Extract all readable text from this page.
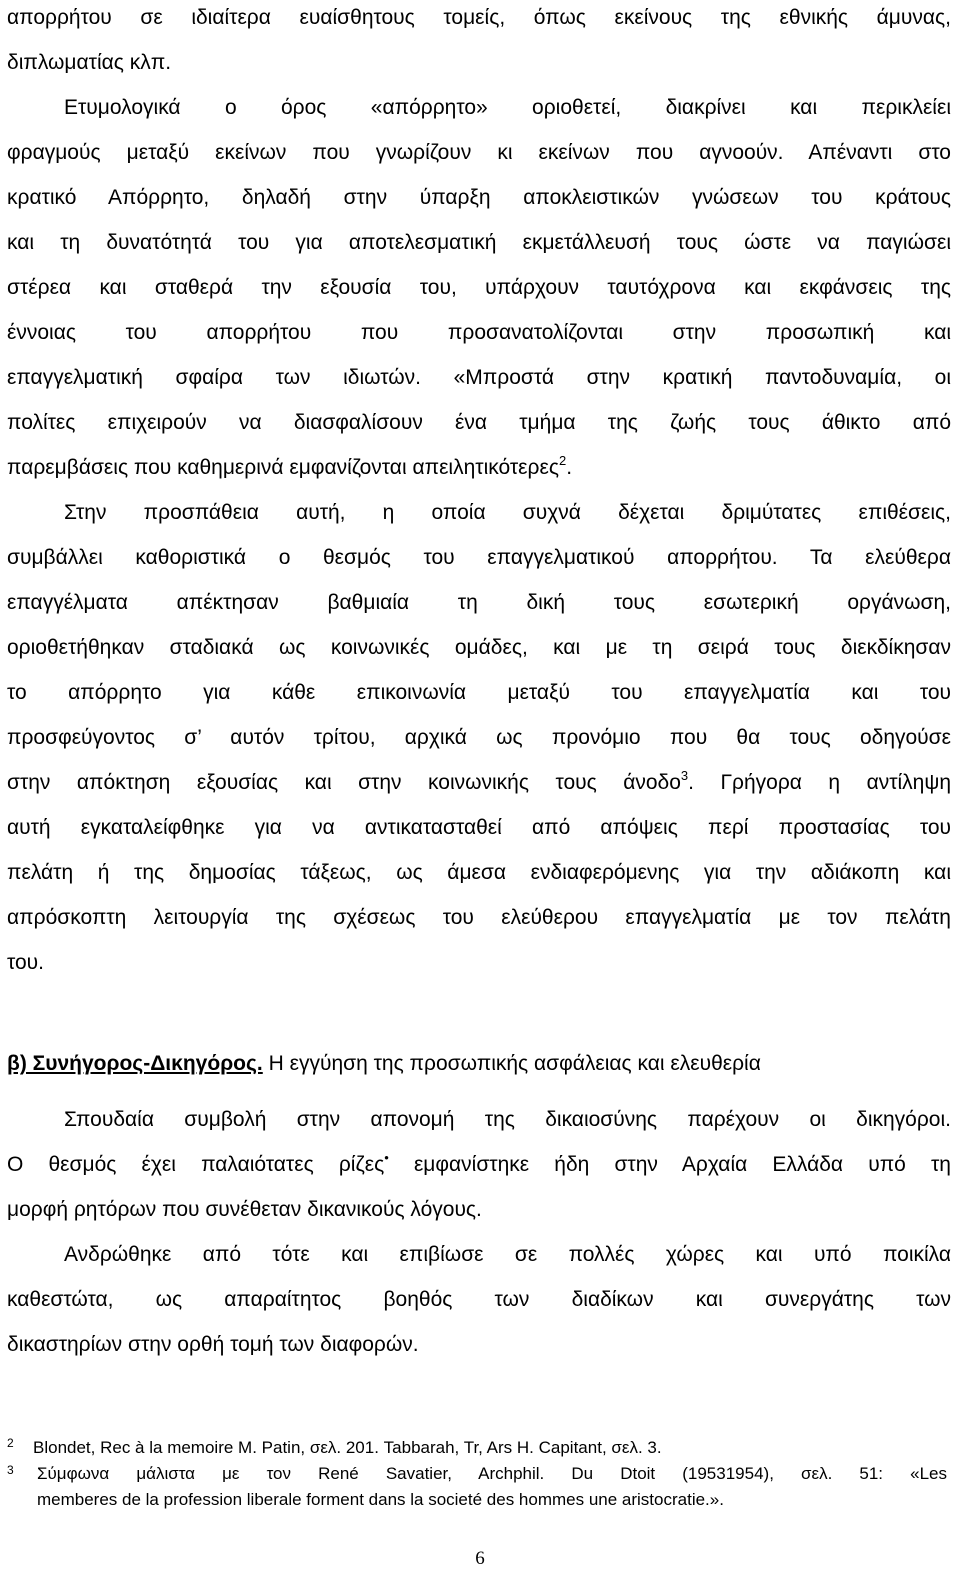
απορρήτου σε ιδιαίτερα ευαίσθητους τομείς, όπως εκείνους της εθνικής άμυνας,
διπλωματίας κλπ.
Ετυμολογικά ο όρος «απόρρητο» οριοθετεί, διακρίνει και περικλείει
φραγμούς μεταξύ εκείνων που γνωρίζουν κι εκείνων που αγνοούν. Απέναντι στο
κρατικό Απόρρητο, δηλαδή στην ύπαρξη αποκλειστικών γνώσεων του κράτους
και τη δυνατότητά του για αποτελεσματική εκμετάλλευσή τους ώστε να παγιώσει
στέρεα και σταθερά την εξουσία του, υπάρχουν ταυτόχρονα και εκφάνσεις της
έννοιας του απορρήτου που προσανατολίζονται στην προσωπική και
επαγγελματική σφαίρα των ιδιωτών. «Μπροστά στην κρατική παντοδυναμία, οι
πολίτες επιχειρούν να διασφαλίσουν ένα τμήμα της ζωής τους άθικτο από
παρεμβάσεις που καθημερινά εμφανίζονται απειλητικότερες$^2$.
Στην προσπάθεια αυτή, η οποία συχνά δέχεται δριμύτατες επιθέσεις,
συμβάλλει καθοριστικά ο θεσμός του επαγγελματικού απορρήτου. Τα ελεύθερα
επαγγέλματα απέκτησαν βαθμιαία τη δική τους εσωτερική οργάνωση,
οριοθετήθηκαν σταδιακά ως κοινωνικές ομάδες, και με τη σειρά τους διεκδίκησαν
το απόρρητο για κάθε επικοινωνία μεταξύ του επαγγελματία και του
προσφεύγοντος σ’ αυτόν τρίτου, αρχικά ως προνόμιο που θα τους οδηγούσε
στην απόκτηση εξουσίας και στην κοινωνικής τους άνοδο$^3$. Γρήγορα η αντίληψη
αυτή εγκαταλείφθηκε για να αντικατασταθεί από απόψεις περί προστασίας του
πελάτη ή της δημοσίας τάξεως, ως άμεσα ενδιαφερόμενης για την αδιάκοπη και
απρόσκοπτη λειτουργία της σχέσεως του ελεύθερου επαγγελματία με τον πελάτη
του.
β) Συνήγορος-Δικηγόρος. Η εγγύηση της προσωπικής ασφάλειας και ελευθερία
Σπουδαία συμβολή στην απονομή της δικαιοσύνης παρέχουν οι δικηγόροι.
Ο θεσμός έχει παλαιότατες ρίζες• εμφανίστηκε ήδη στην Αρχαία Ελλάδα υπό τη
μορφή ρητόρων που συνέθεταν δικανικούς λόγους.
Ανδρώθηκε από τότε και επιβίωσε σε πολλές χώρες και υπό ποικίλα
καθεστώτα, ως απαραίτητος βοηθός των διαδίκων και συνεργάτης των
δικαστηρίων στην ορθή τομή των διαφορών.
2 Blondet, Rec à la memoire M. Patin, σελ. 201. Tabbarah, Tr, Ars H. Capitant, σελ. 3.
3 Σύμφωνα μάλιστα με τον René Savatier, Archphil. Du Dtoit (19531954), σελ. 51: «Les
memberes de la profession liberale forment dans la societé des hommes une aristocratie.».
6
